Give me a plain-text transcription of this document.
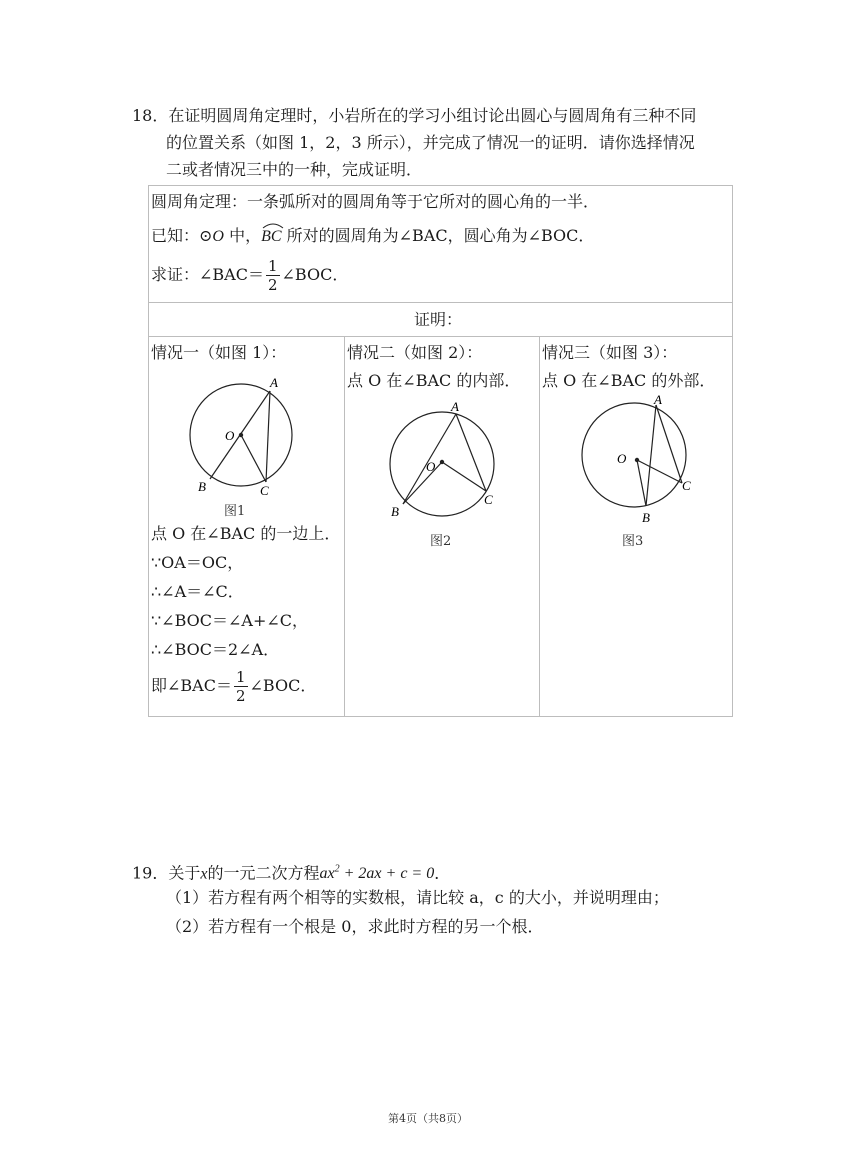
18．在证明圆周角定理时，小岩所在的学习小组讨论出圆心与圆周角有三种不同
的位置关系（如图 1，2，3 所示），并完成了情况一的证明．请你选择情况
二或者情况三中的一种，完成证明．
圆周角定理：一条弧所对的圆周角等于它所对的圆心角的一半．
已知：⊙O 中，
BC 所对的圆周角为∠BAC，圆心角为∠BOC．
求证：∠BAC＝ $\frac{1}{2}$ ∠BOC．
证明：
情况一（如图 1）：
A
O
B	C
图1
点 O 在∠BAC 的一边上．
∵OA＝OC，
∴∠A＝∠C．
∵∠BOC＝∠A+∠C，
∴∠BOC＝2∠A．
即∠BAC＝ $\frac{1}{2}$ ∠BOC．
情况二（如图 2）：
点 O 在∠BAC 的内部．
A
O
B
C
图2
情况三（如图 3）：
点 O 在∠BAC 的外部．
A
O
B
C
图3
19．关于x的一元二次方程$ax^2 + 2ax + c = 0$．
（1）若方程有两个相等的实数根，请比较 a，c 的大小，并说明理由；
（2）若方程有一个根是 0，求此时方程的另一个根．
第4页（共8页）
